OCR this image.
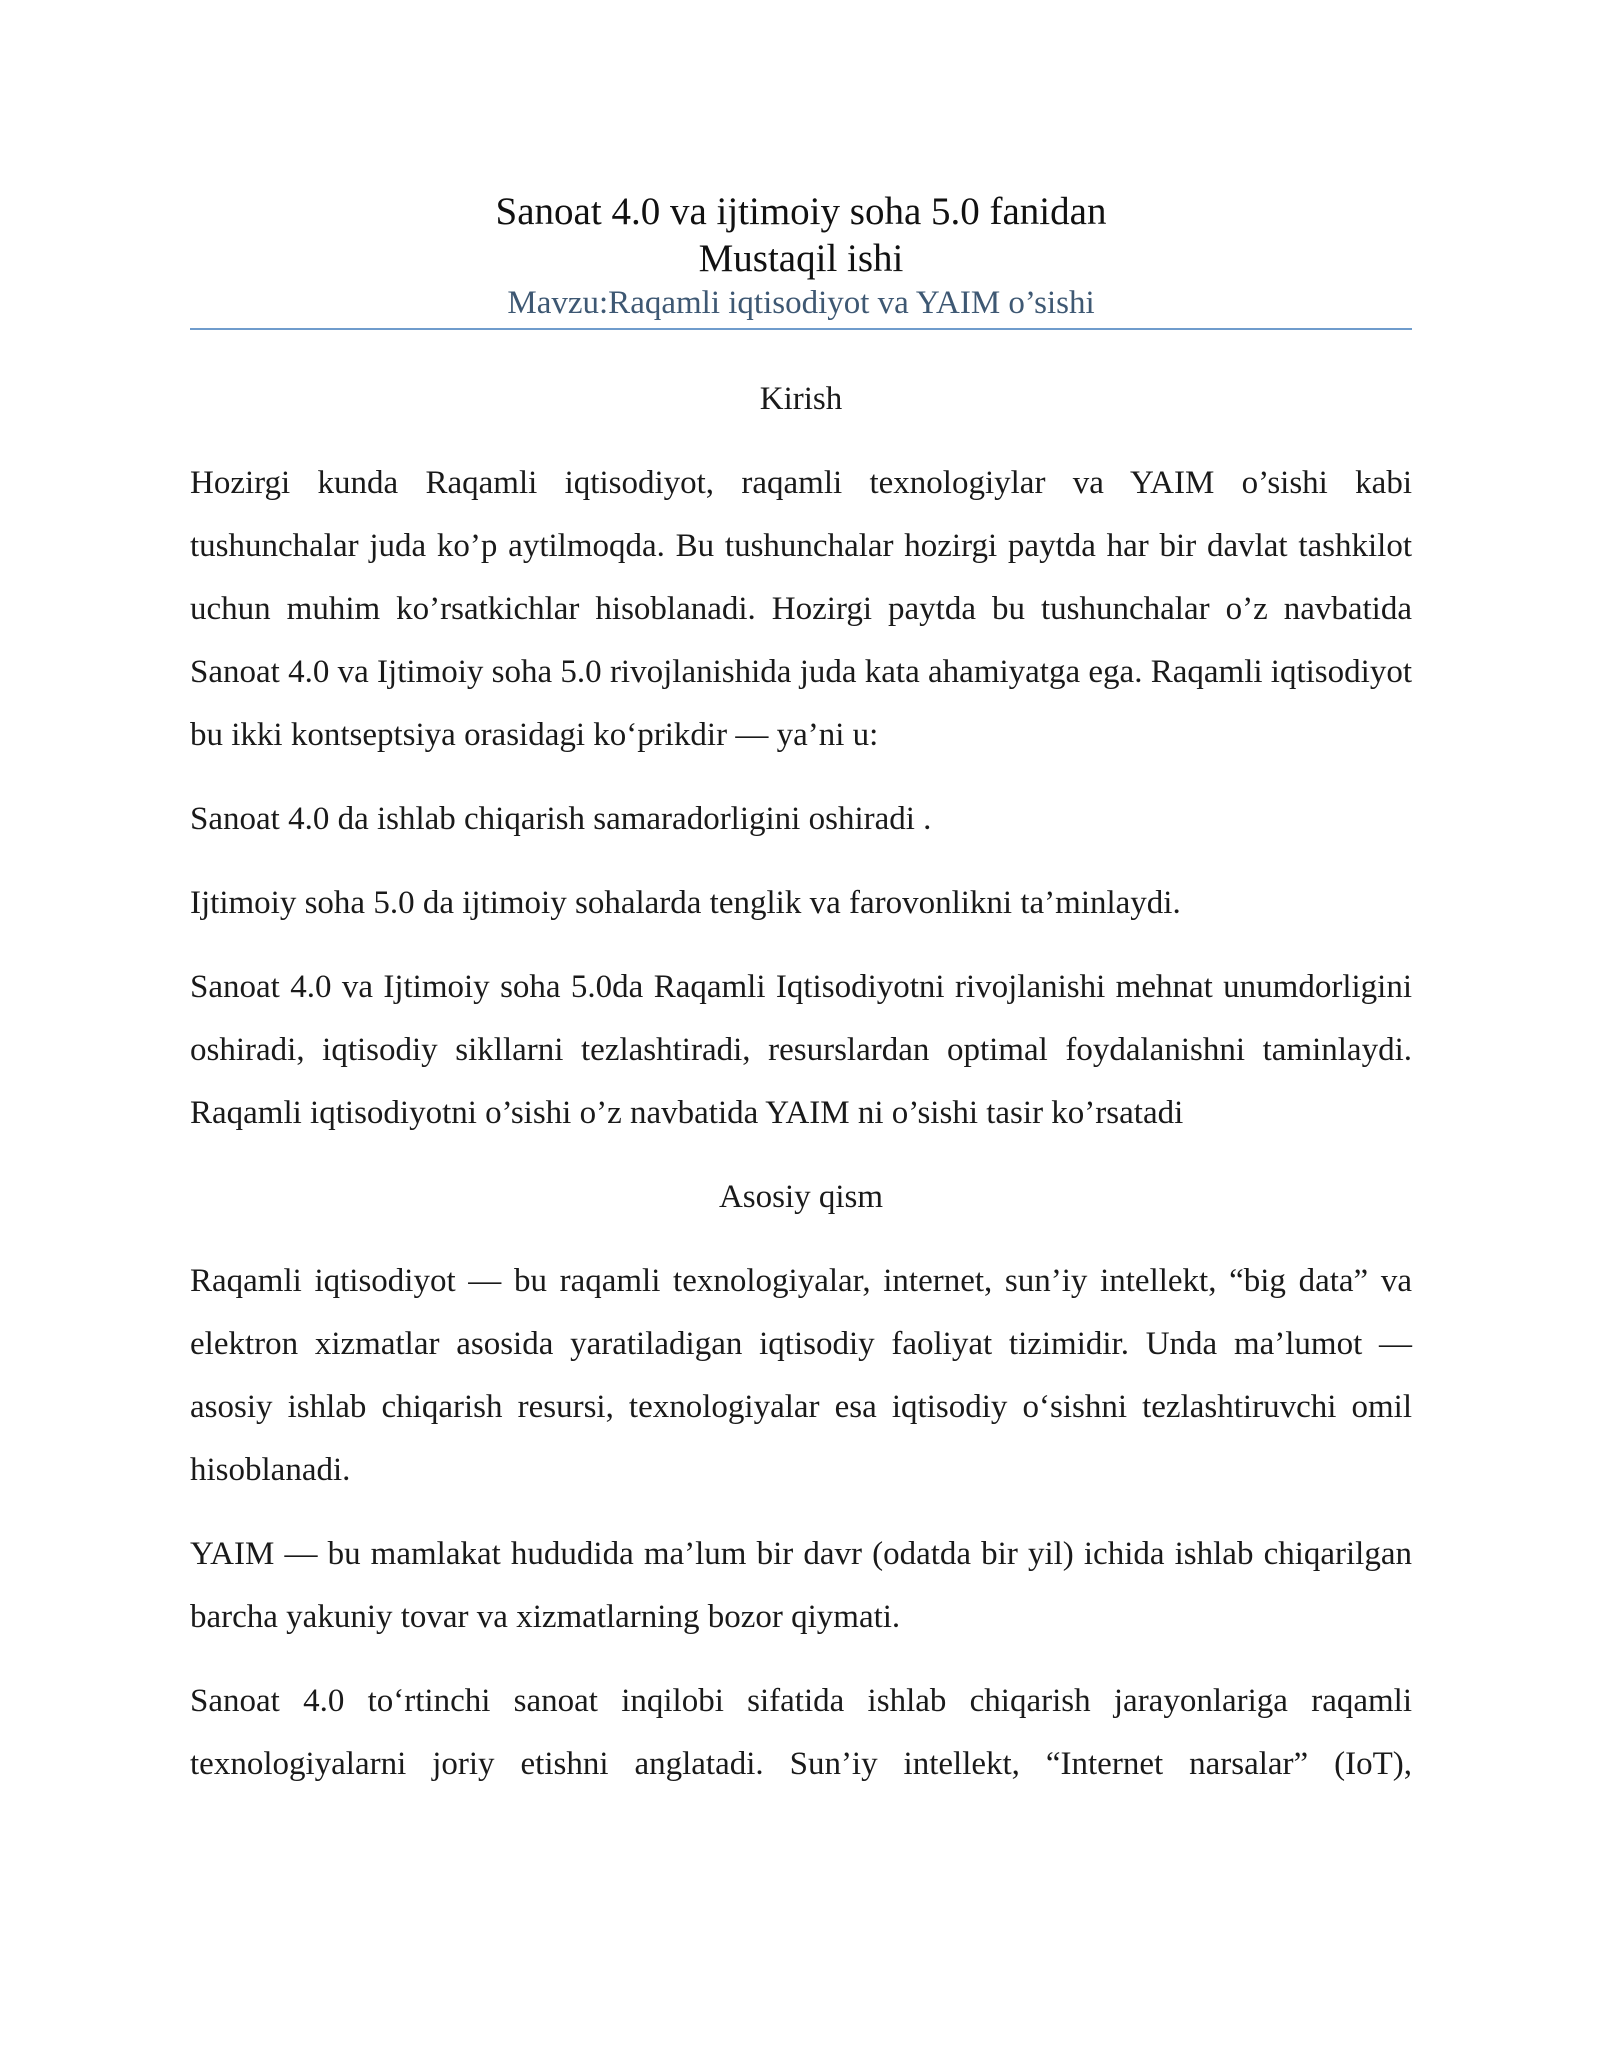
Sanoat 4.0 va ijtimoiy soha 5.0 fanidan
Mustaqil ishi
Mavzu:Raqamli iqtisodiyot va YAIM o’sishi
Kirish

Hozirgi kunda Raqamli iqtisodiyot, raqamli texnologiylar va YAIM o’sishi kabi tushunchalar juda ko’p aytilmoqda. Bu tushunchalar hozirgi paytda har bir davlat tashkilot uchun muhim ko’rsatkichlar hisoblanadi. Hozirgi paytda bu tushunchalar o’z navbatida Sanoat 4.0 va Ijtimoiy soha 5.0 rivojlanishida juda kata ahamiyatga ega. Raqamli iqtisodiyot bu ikki kontseptsiya orasidagi ko‘prikdir — ya’ni u:

Sanoat 4.0 da ishlab chiqarish samaradorligini oshiradi .

Ijtimoiy soha 5.0 da ijtimoiy sohalarda tenglik va farovonlikni ta’minlaydi.

Sanoat 4.0 va Ijtimoiy soha 5.0da Raqamli Iqtisodiyotni rivojlanishi mehnat unumdorligini oshiradi, iqtisodiy sikllarni tezlashtiradi, resurslardan optimal foydalanishni taminlaydi. Raqamli iqtisodiyotni o’sishi o’z navbatida YAIM ni o’sishi tasir ko’rsatadi

Asosiy qism

Raqamli iqtisodiyot — bu raqamli texnologiyalar, internet, sun’iy intellekt, “big data” va elektron xizmatlar asosida yaratiladigan iqtisodiy faoliyat tizimidir. Unda ma’lumot — asosiy ishlab chiqarish resursi, texnologiyalar esa iqtisodiy o‘sishni tezlashtiruvchi omil hisoblanadi.

YAIM — bu mamlakat hududida ma’lum bir davr (odatda bir yil) ichida ishlab chiqarilgan barcha yakuniy tovar va xizmatlarning bozor qiymati.

Sanoat 4.0 to‘rtinchi sanoat inqilobi sifatida ishlab chiqarish jarayonlariga raqamli texnologiyalarni joriy etishni anglatadi. Sun’iy intellekt, “Internet narsalar” (IoT),
